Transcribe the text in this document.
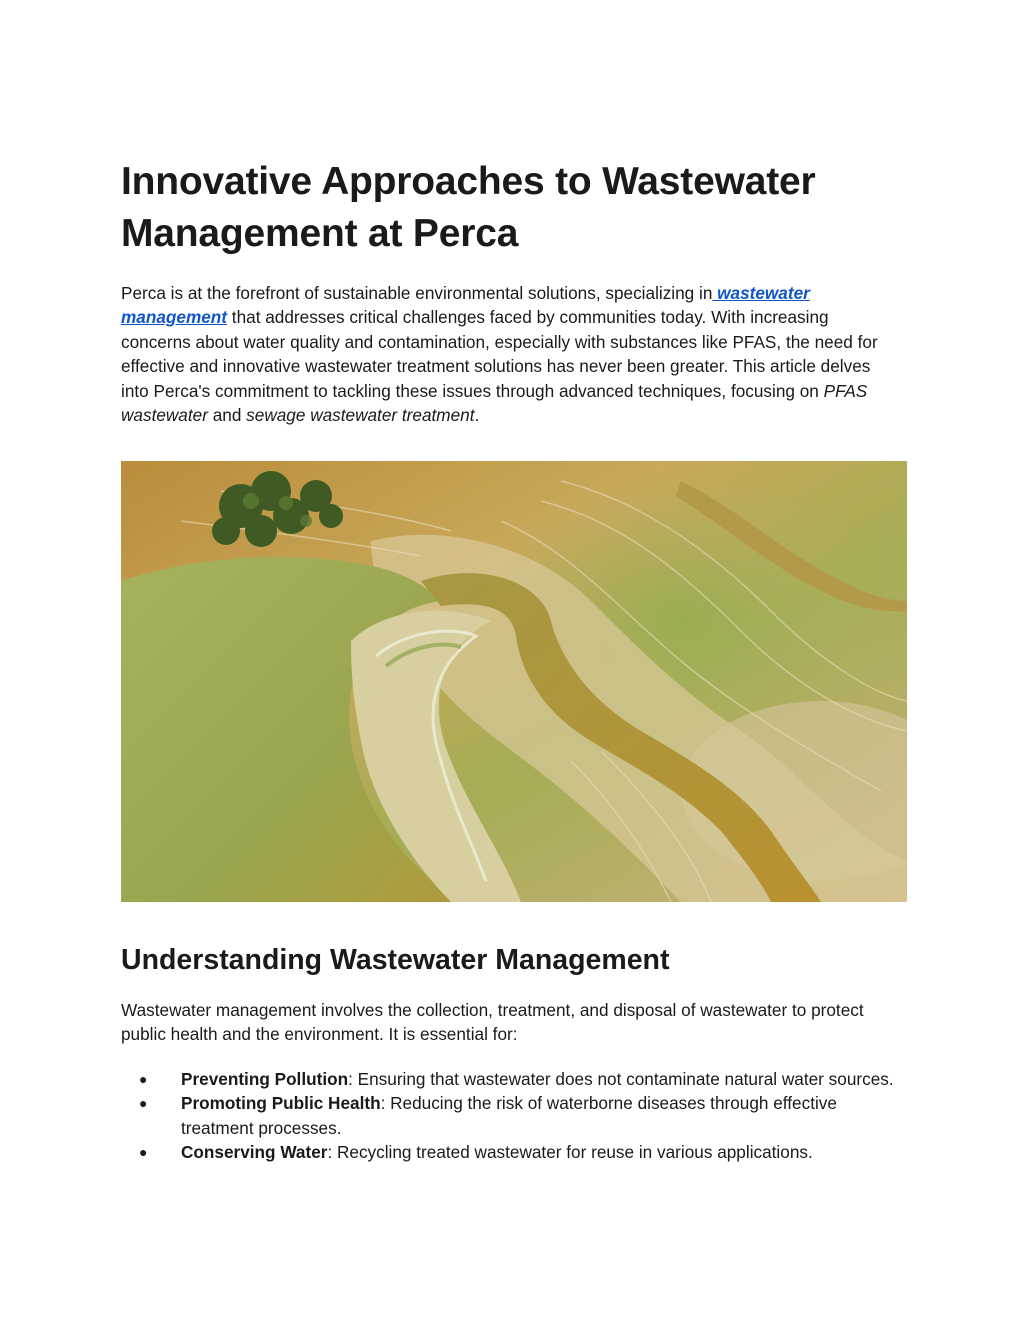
Innovative Approaches to Wastewater Management at Perca

Perca is at the forefront of sustainable environmental solutions, specializing in wastewater management that addresses critical challenges faced by communities today. With increasing concerns about water quality and contamination, especially with substances like PFAS, the need for effective and innovative wastewater treatment solutions has never been greater. This article delves into Perca's commitment to tackling these issues through advanced techniques, focusing on PFAS wastewater and sewage wastewater treatment.

Understanding Wastewater Management

Wastewater management involves the collection, treatment, and disposal of wastewater to protect public health and the environment. It is essential for:

● Preventing Pollution: Ensuring that wastewater does not contaminate natural water sources.
● Promoting Public Health: Reducing the risk of waterborne diseases through effective treatment processes.
● Conserving Water: Recycling treated wastewater for reuse in various applications.
